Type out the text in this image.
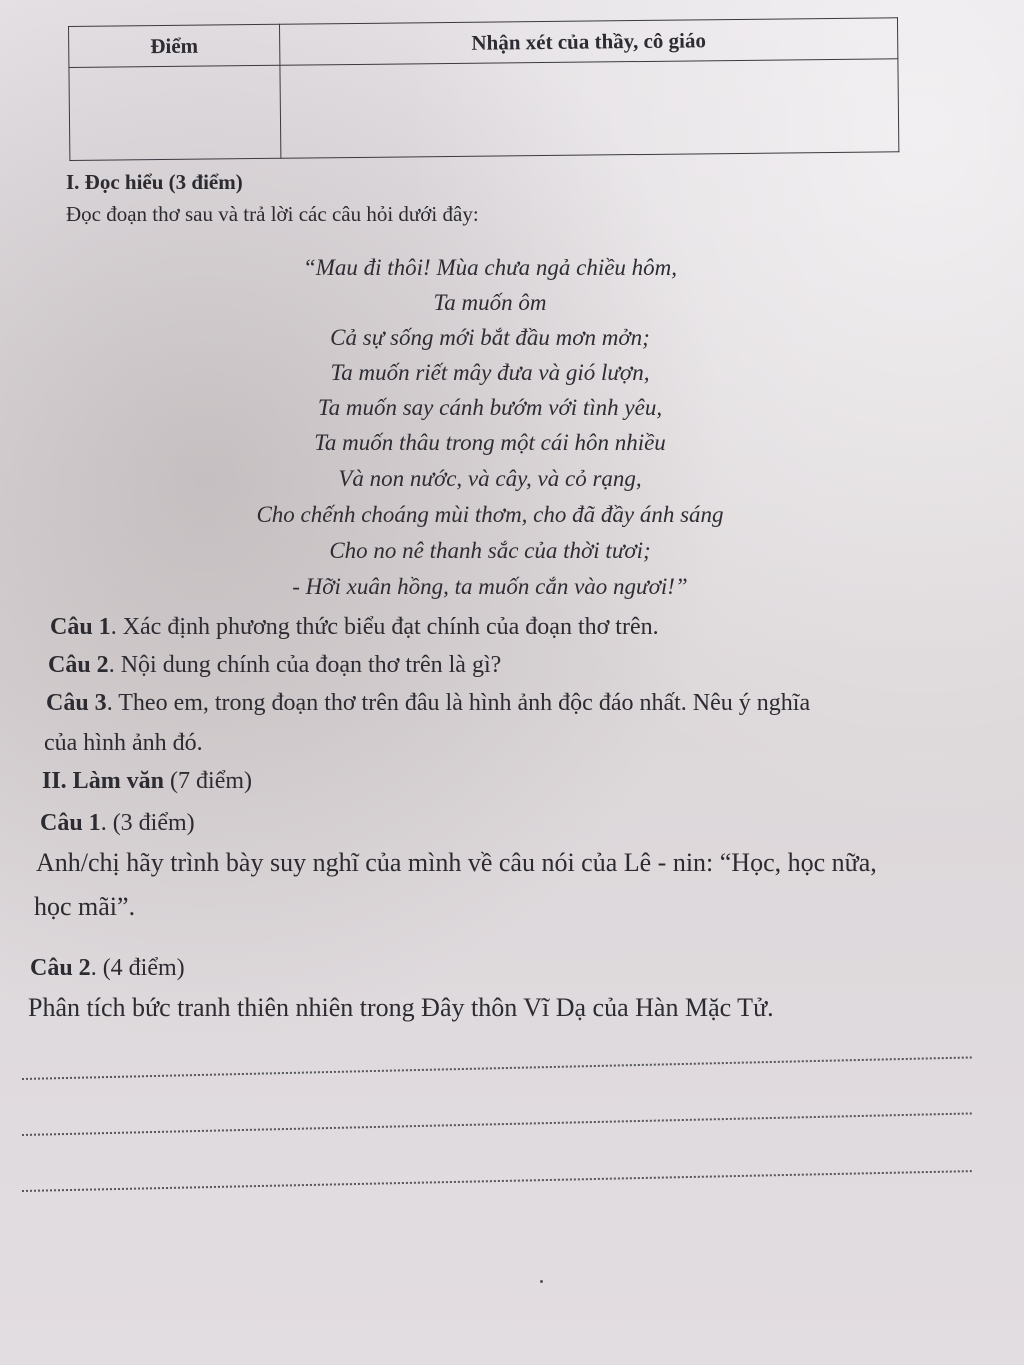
Điểm	Nhận xét của thầy, cô giáo

I. Đọc hiểu (3 điểm)
Đọc đoạn thơ sau và trả lời các câu hỏi dưới đây:
“Mau đi thôi! Mùa chưa ngả chiều hôm,
Ta muốn ôm
Cả sự sống mới bắt đầu mơn mởn;
Ta muốn riết mây đưa và gió lượn,
Ta muốn say cánh bướm với tình yêu,
Ta muốn thâu trong một cái hôn nhiều
Và non nước, và cây, và cỏ rạng,
Cho chếnh choáng mùi thơm, cho đã đầy ánh sáng
Cho no nê thanh sắc của thời tươi;
- Hỡi xuân hồng, ta muốn cắn vào ngươi!”
Câu 1. Xác định phương thức biểu đạt chính của đoạn thơ trên.
Câu 2. Nội dung chính của đoạn thơ trên là gì?
Câu 3. Theo em, trong đoạn thơ trên đâu là hình ảnh độc đáo nhất. Nêu ý nghĩa
của hình ảnh đó.
II. Làm văn (7 điểm)
Câu 1. (3 điểm)
Anh/chị hãy trình bày suy nghĩ của mình về câu nói của Lê - nin: “Học, học nữa,
học mãi”.
Câu 2. (4 điểm)
Phân tích bức tranh thiên nhiên trong Đây thôn Vĩ Dạ của Hàn Mặc Tử.
